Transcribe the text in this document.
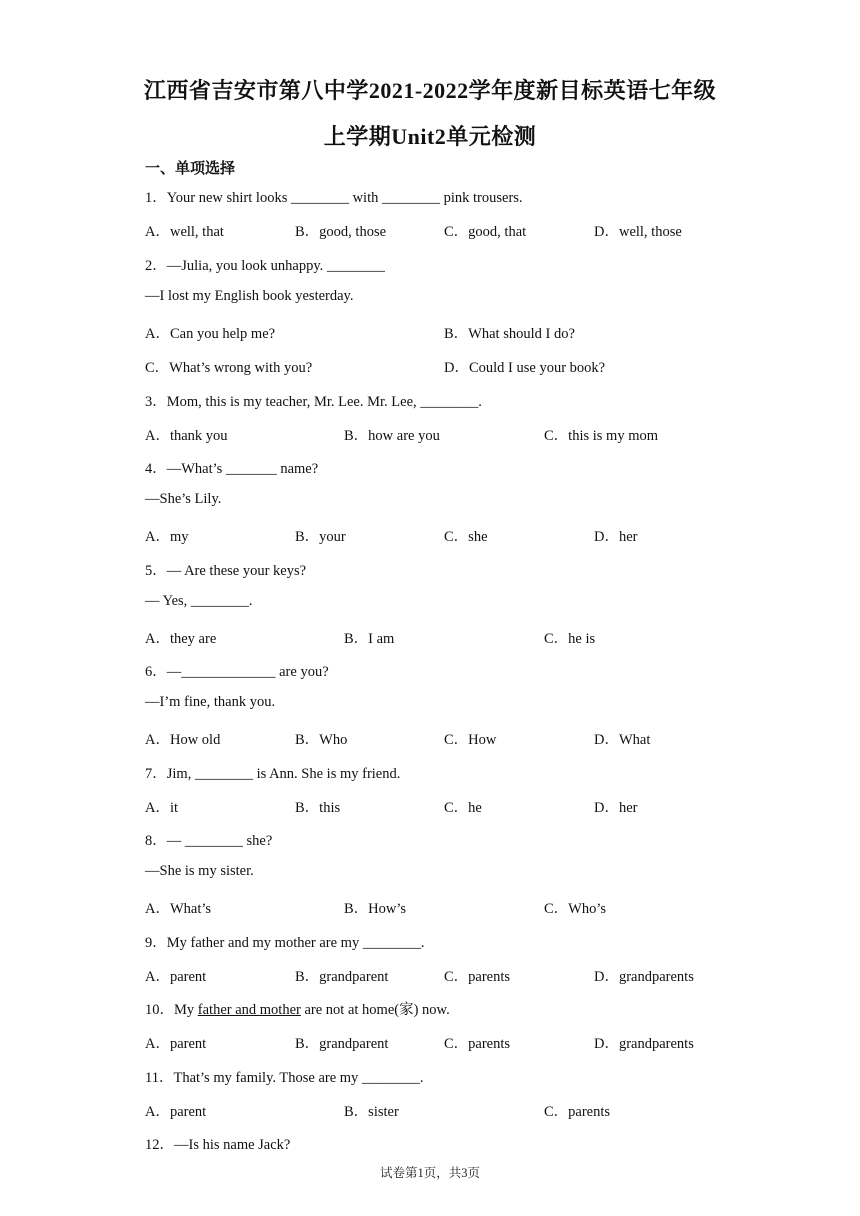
江西省吉安市第八中学2021-2022学年度新目标英语七年级
上学期Unit2单元检测
一、单项选择
1．Your new shirt looks ________ with ________ pink trousers.
A．well, that	B．good, those	C．good, that	D．well, those
2．—Julia, you look unhappy. ________
—I lost my English book yesterday.
A．Can you help me?	B．What should I do?
C．What’s wrong with you?	D．Could I use your book?
3．Mom, this is my teacher, Mr. Lee. Mr. Lee, ________.
A．thank you	B．how are you	C．this is my mom
4．—What’s _______ name?
—She’s Lily.
A．my	B．your	C．she	D．her
5．— Are these your keys?
— Yes, ________.
A．they are	B．I am	C．he is
6．—_____________ are you?
—I’m fine, thank you.
A．How old	B．Who	C．How	D．What
7．Jim, ________ is Ann. She is my friend.
A．it	B．this	C．he	D．her
8．— ________ she?
—She is my sister.
A．What’s	B．How’s	C．Who’s
9．My father and my mother are my ________.
A．parent	B．grandparent	C．parents	D．grandparents
10．My father and mother are not at home(家) now.
A．parent	B．grandparent	C．parents	D．grandparents
11．That’s my family. Those are my ________.
A．parent	B．sister	C．parents
12．—Is his name Jack?
试卷第1页，共3页
